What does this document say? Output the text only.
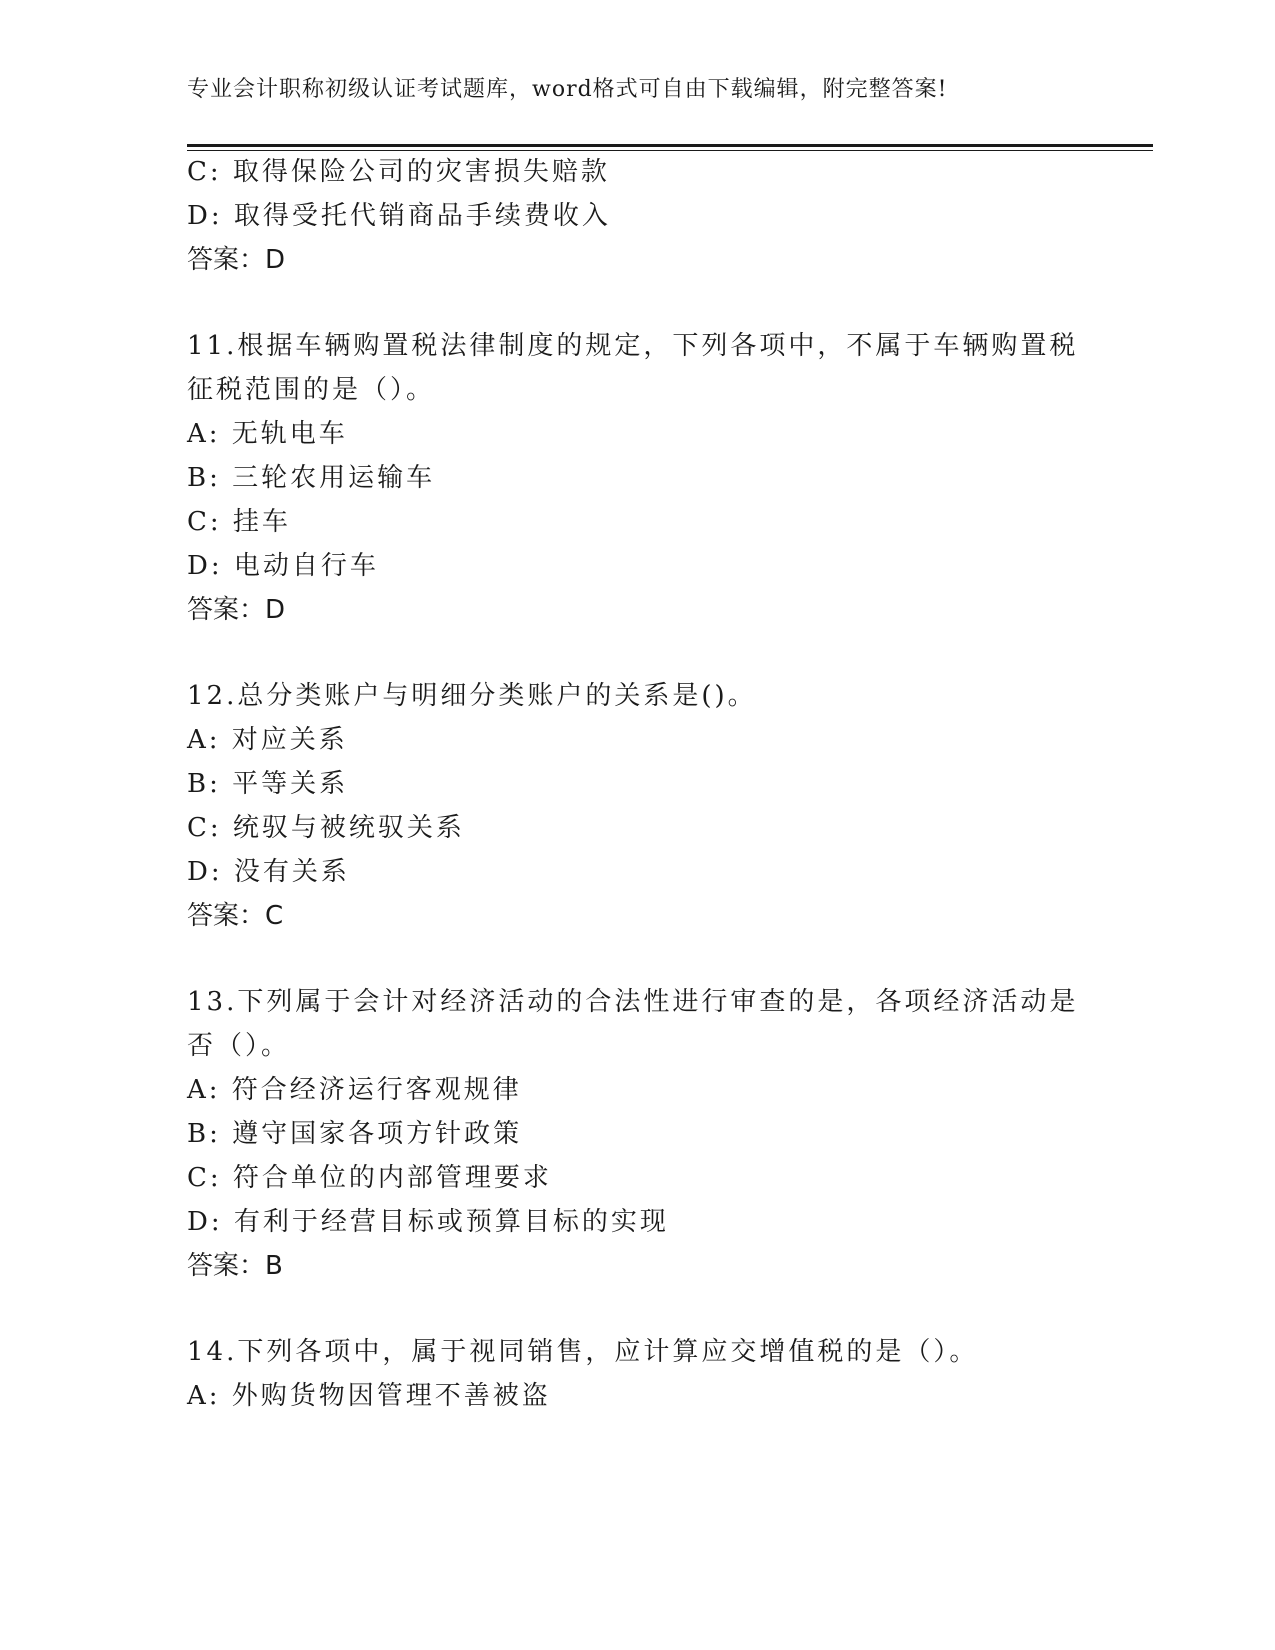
专业会计职称初级认证考试题库，word格式可自由下载编辑，附完整答案!
C: 取得保险公司的灾害损失赔款
D: 取得受托代销商品手续费收入
答案：D
11.根据车辆购置税法律制度的规定，下列各项中，不属于车辆购置税
征税范围的是（）。
A: 无轨电车
B: 三轮农用运输车
C: 挂车
D: 电动自行车
答案：D
12.总分类账户与明细分类账户的关系是()。
A: 对应关系
B: 平等关系
C: 统驭与被统驭关系
D: 没有关系
答案：C
13.下列属于会计对经济活动的合法性进行审查的是，各项经济活动是
否（）。
A: 符合经济运行客观规律
B: 遵守国家各项方针政策
C: 符合单位的内部管理要求
D: 有利于经营目标或预算目标的实现
答案：B
14.下列各项中，属于视同销售，应计算应交增值税的是（）。
A: 外购货物因管理不善被盗
